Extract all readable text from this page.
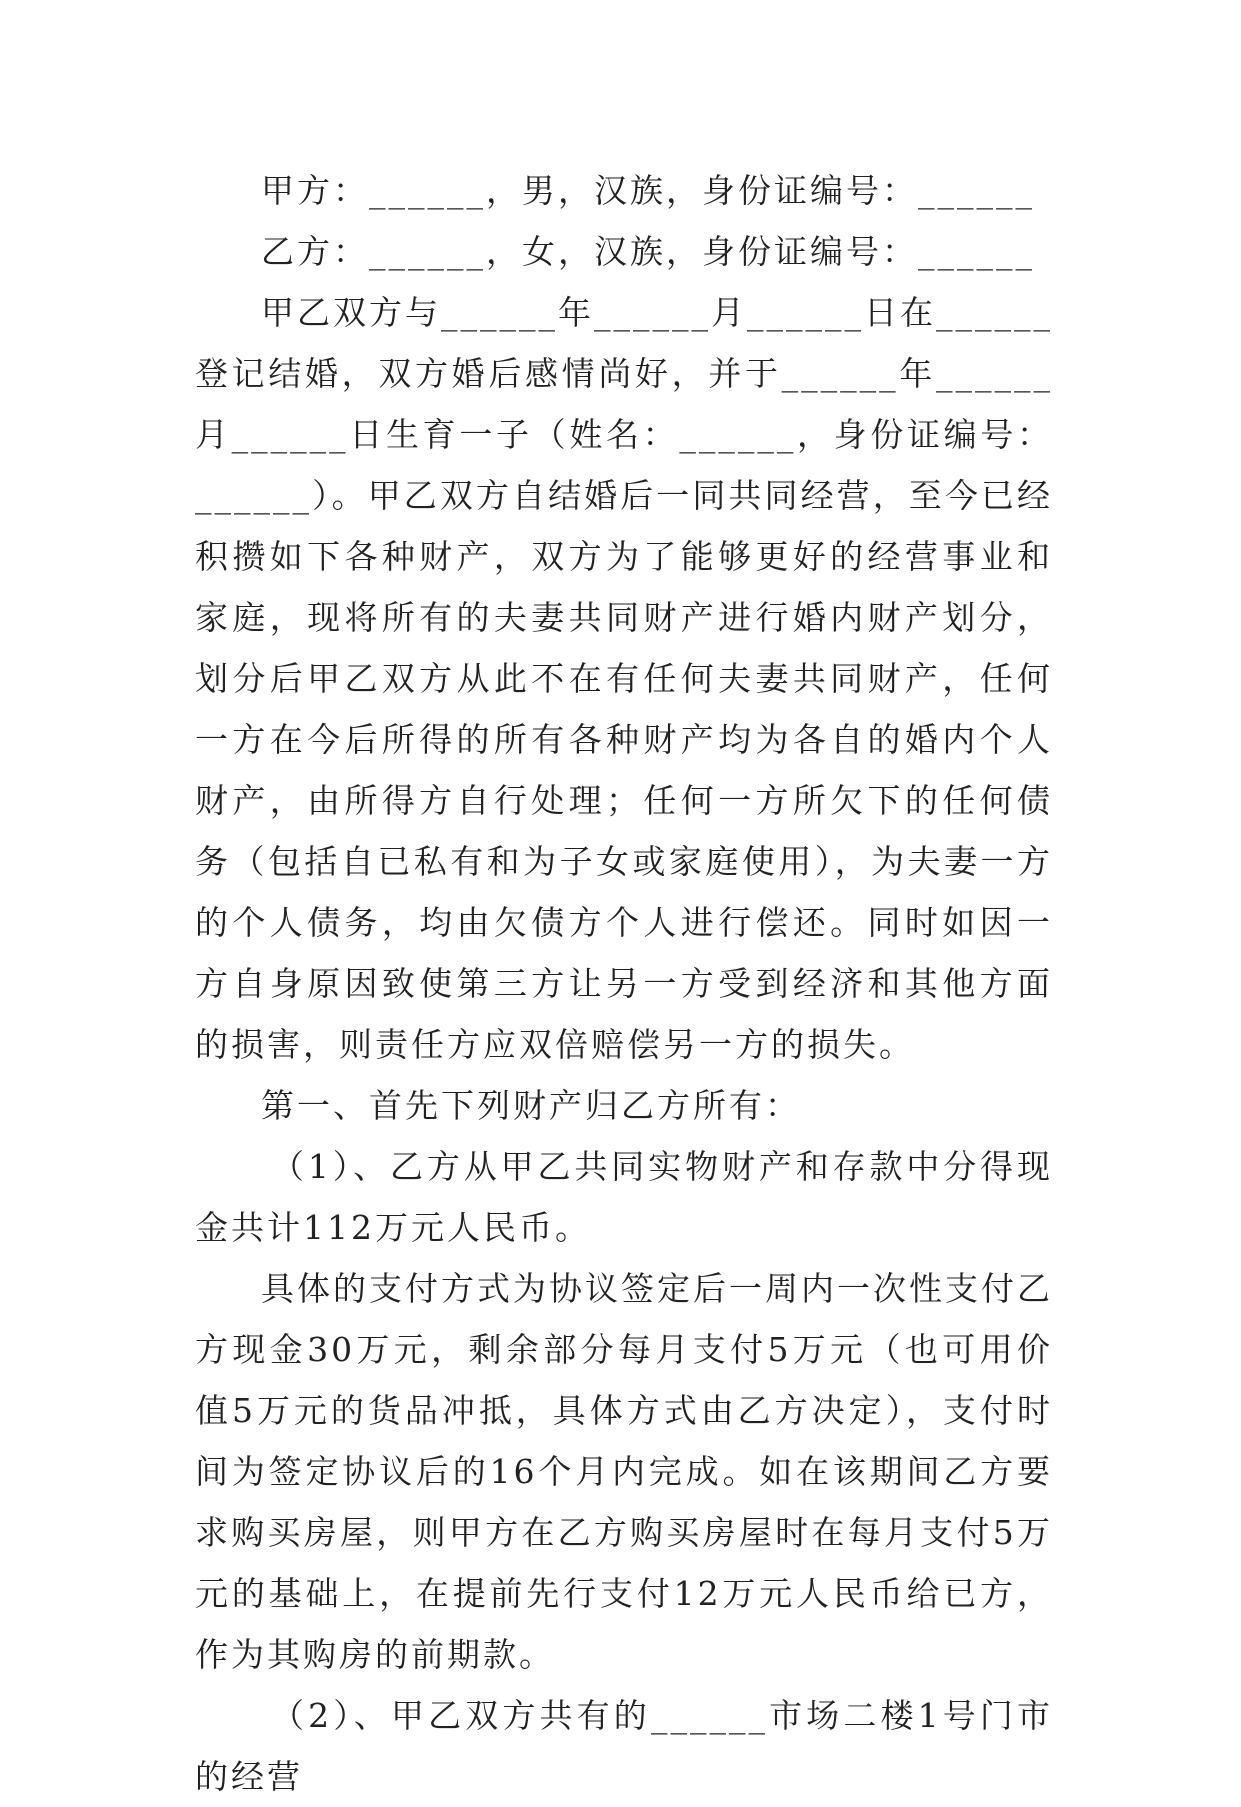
甲方：______，男，汉族，身份证编号：______

乙方：______，女，汉族，身份证编号：______

甲乙双方与______年______月______日在______登记结婚，双方婚后感情尚好，并于______年______月______日生育一子（姓名：______，身份证编号：______）。甲乙双方自结婚后一同共同经营，至今已经积攒如下各种财产，双方为了能够更好的经营事业和家庭，现将所有的夫妻共同财产进行婚内财产划分，划分后甲乙双方从此不在有任何夫妻共同财产，任何一方在今后所得的所有各种财产均为各自的婚内个人财产，由所得方自行处理；任何一方所欠下的任何债务（包括自已私有和为子女或家庭使用），为夫妻一方的个人债务，均由欠债方个人进行偿还。同时如因一方自身原因致使第三方让另一方受到经济和其他方面的损害，则责任方应双倍赔偿另一方的损失。

第一、首先下列财产归乙方所有：

（1）、乙方从甲乙共同实物财产和存款中分得现金共计112万元人民币。

具体的支付方式为协议签定后一周内一次性支付乙方现金30万元，剩余部分每月支付5万元（也可用价值5万元的货品冲抵，具体方式由乙方决定），支付时间为签定协议后的16个月内完成。如在该期间乙方要求购买房屋，则甲方在乙方购买房屋时在每月支付5万元的基础上，在提前先行支付12万元人民币给已方，作为其购房的前期款。

（2）、甲乙双方共有的______市场二楼1号门市的经营
